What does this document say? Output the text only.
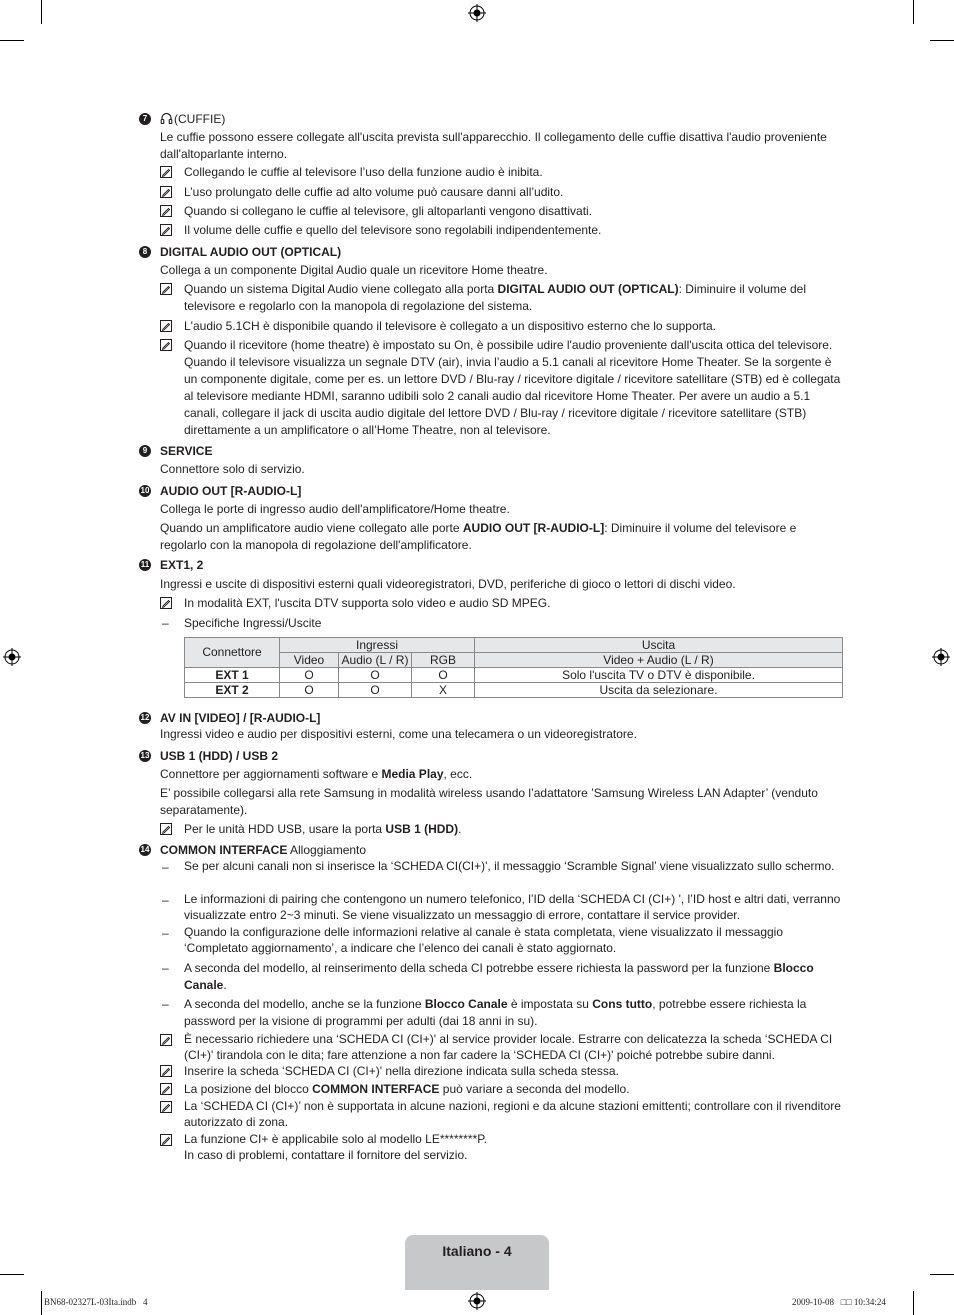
7	(CUFFIE)
Le cuffie possono essere collegate all'uscita prevista sull'apparecchio. Il collegamento delle cuffie disattiva l'audio proveniente dall'altoparlante interno.
Collegando le cuffie al televisore l’uso della funzione audio è inibita.
L’uso prolungato delle cuffie ad alto volume può causare danni all’udito.
Quando si collegano le cuffie al televisore, gli altoparlanti vengono disattivati.
Il volume delle cuffie e quello del televisore sono regolabili indipendentemente.
8	DIGITAL AUDIO OUT (OPTICAL)
Collega a un componente Digital Audio quale un ricevitore Home theatre.
Quando un sistema Digital Audio viene collegato alla porta DIGITAL AUDIO OUT (OPTICAL): Diminuire il volume del televisore e regolarlo con la manopola di regolazione del sistema.
L'audio 5.1CH è disponibile quando il televisore è collegato a un dispositivo esterno che lo supporta.
Quando il ricevitore (home theatre) è impostato su On, è possibile udire l'audio proveniente dall'uscita ottica del televisore. Quando il televisore visualizza un segnale DTV (air), invia l’audio a 5.1 canali al ricevitore Home Theater. Se la sorgente è un componente digitale, come per es. un lettore DVD / Blu-ray / ricevitore digitale / ricevitore satellitare (STB) ed è collegata al televisore mediante HDMI, saranno udibili solo 2 canali audio dal ricevitore Home Theater. Per avere un audio a 5.1 canali, collegare il jack di uscita audio digitale del lettore DVD / Blu-ray / ricevitore digitale / ricevitore satellitare (STB) direttamente a un amplificatore o all’Home Theatre, non al televisore.
9	SERVICE
Connettore solo di servizio.
10 AUDIO OUT [R-AUDIO-L]
Collega le porte di ingresso audio dell'amplificatore/Home theatre.
Quando un amplificatore audio viene collegato alle porte AUDIO OUT [R-AUDIO-L]: Diminuire il volume del televisore e regolarlo con la manopola di regolazione dell'amplificatore.
11 EXT1, 2
Ingressi e uscite di dispositivi esterni quali videoregistratori, DVD, periferiche di gioco o lettori di dischi video.
In modalità EXT, l'uscita DTV supporta solo video e audio SD MPEG.
– Specifiche Ingressi/Uscite
Connettore	Ingressi			Uscita
	Video	Audio (L / R)	RGB	Video + Audio (L / R)
EXT 1	O	O	O	Solo l'uscita TV o DTV è disponibile.
EXT 2	O	O	X	Uscita da selezionare.
12 AV IN [VIDEO] / [R-AUDIO-L]
Ingressi video e audio per dispositivi esterni, come una telecamera o un videoregistratore.
13 USB 1 (HDD) / USB 2
Connettore per aggiornamenti software e Media Play, ecc.
E’ possibile collegarsi alla rete Samsung in modalità wireless usando l’adattatore ’Samsung Wireless LAN Adapter’ (venduto separatamente).
Per le unità HDD USB, usare la porta USB 1 (HDD).
14 COMMON INTERFACE Alloggiamento
– Se per alcuni canali non si inserisce la ‘SCHEDA CI(CI+)', il messaggio ‘Scramble Signal’ viene visualizzato sullo schermo.
– Le informazioni di pairing che contengono un numero telefonico, l’ID della ‘SCHEDA CI (CI+) ', l’ID host e altri dati, verranno visualizzate entro 2~3 minuti. Se viene visualizzato un messaggio di errore, contattare il service provider.
– Quando la configurazione delle informazioni relative al canale è stata completata, viene visualizzato il messaggio ‘Completato aggiornamento’, a indicare che l’elenco dei canali è stato aggiornato.
– A seconda del modello, al reinserimento della scheda CI potrebbe essere richiesta la password per la funzione Blocco Canale.
– A seconda del modello, anche se la funzione Blocco Canale è impostata su Cons tutto, potrebbe essere richiesta la password per la visione di programmi per adulti (dai 18 anni in su).
È necessario richiedere una ‘SCHEDA CI (CI+)' al service provider locale. Estrarre con delicatezza la scheda ‘SCHEDA CI (CI+)' tirandola con le dita; fare attenzione a non far cadere la ‘SCHEDA CI (CI+)' poiché potrebbe subire danni.
Inserire la scheda ‘SCHEDA CI (CI+)' nella direzione indicata sulla scheda stessa.
La posizione del blocco COMMON INTERFACE può variare a seconda del modello.
La ‘SCHEDA CI (CI+)’ non è supportata in alcune nazioni, regioni e da alcune stazioni emittenti; controllare con il rivenditore autorizzato di zona.
La funzione CI+ è applicabile solo al modello LE********P.
In caso di problemi, contattare il fornitore del servizio.
Italiano - 4
BN68-02327L-03Ita.indb   4	2009-10-08   □□ 10:34:24
